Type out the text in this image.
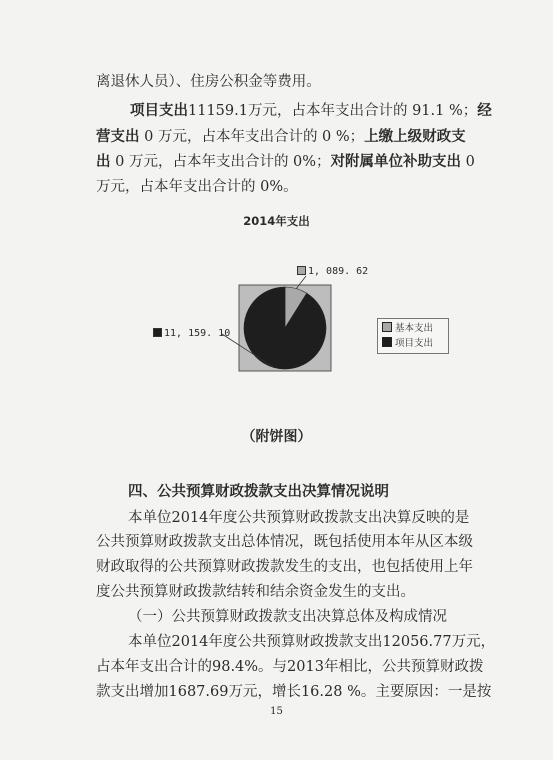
离退休人员）、住房公积金等费用。
项目支出11159.1万元，占本年支出合计的 91.1 %；经
营支出 0 万元，占本年支出合计的 0 %；上缴上级财政支
出 0 万元，占本年支出合计的 0%；对附属单位补助支出 0
万元，占本年支出合计的 0%。
2014年支出
1, 089. 62
11, 159. 10	基本支出
项目支出
（附饼图）
四、公共预算财政拨款支出决算情况说明
本单位2014年度公共预算财政拨款支出决算反映的是
公共预算财政拨款支出总体情况，既包括使用本年从区本级
财政取得的公共预算财政拨款发生的支出，也包括使用上年
度公共预算财政拨款结转和结余资金发生的支出。
（一）公共预算财政拨款支出决算总体及构成情况
本单位2014年度公共预算财政拨款支出12056.77万元，
占本年支出合计的98.4%。与2013年相比，公共预算财政拨
款支出增加1687.69万元，增长16.28 %。主要原因：一是按
15
